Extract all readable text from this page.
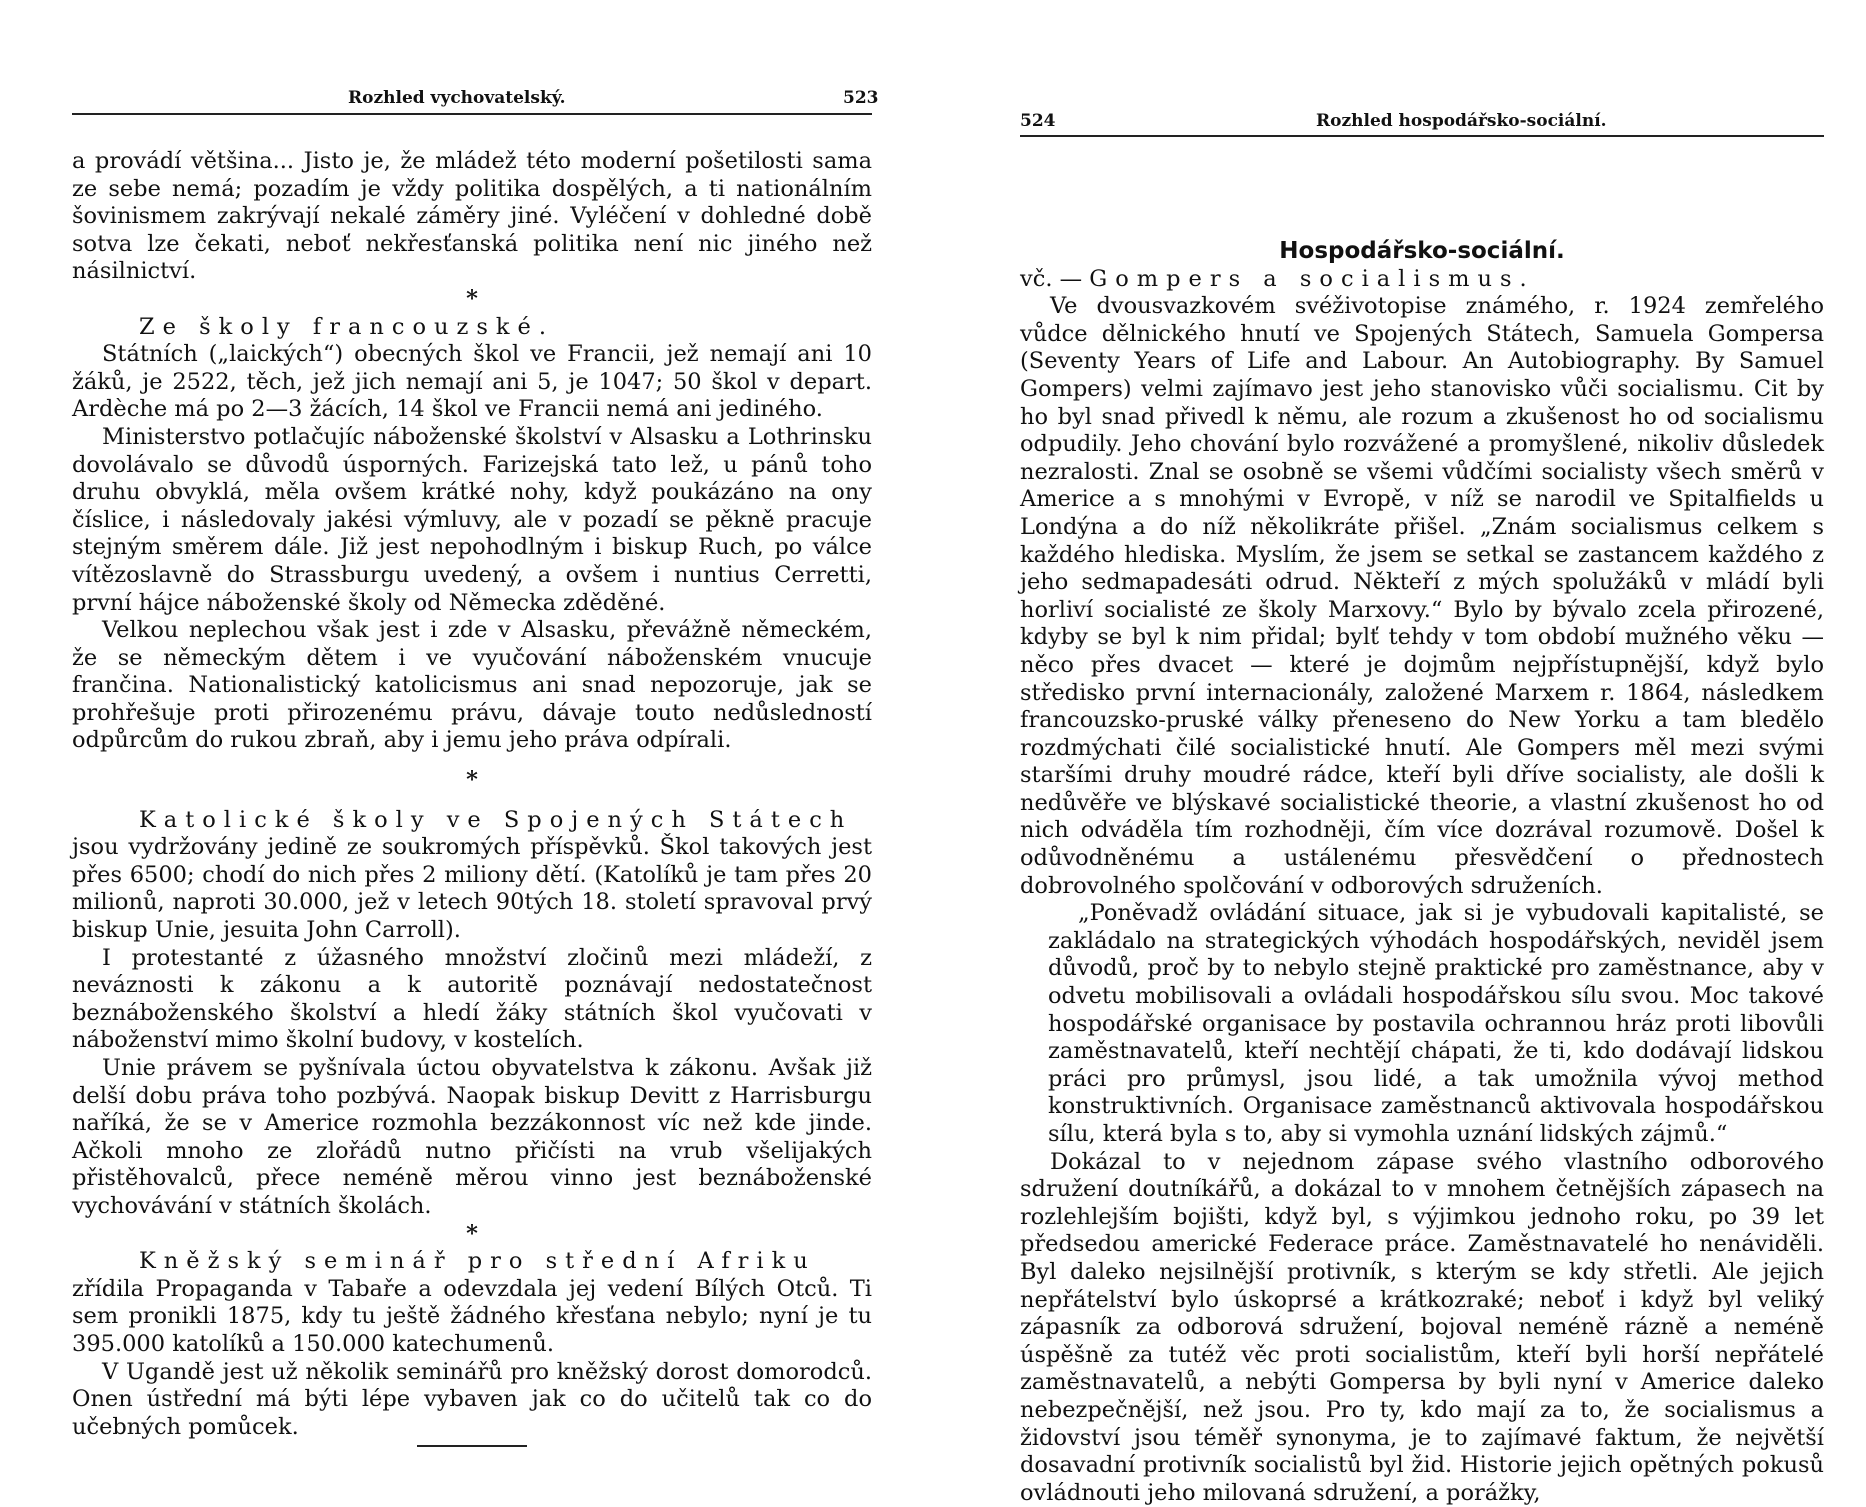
Rozhled vychovatelský.	523

a provádí většina... Jisto je, že mládež této moderní pošetilosti sama ze sebe nemá; pozadím je vždy politika dospělých, a ti nationálním šovinismem zakrývají nekalé záměry jiné. Vyléčení v dohledné době sotva lze čekati, neboť nekřesťanská politika není nic jiného než násilnictví.

*

Ze školy francouzské.

Státních („laických“) obecných škol ve Francii, jež nemají ani 10 žáků, je 2522, těch, jež jich nemají ani 5, je 1047; 50 škol v depart. Ardèche má po 2—3 žácích, 14 škol ve Francii nemá ani jediného.

Ministerstvo potlačujíc náboženské školství v Alsasku a Lothrinsku dovolávalo se důvodů úsporných. Farizejská tato lež, u pánů toho druhu obvyklá, měla ovšem krátké nohy, když poukázáno na ony číslice, i následovaly jakési výmluvy, ale v pozadí se pěkně pracuje stejným směrem dále. Již jest nepohodlným i biskup Ruch, po válce vítězoslavně do Strassburgu uvedený, a ovšem i nuntius Cerretti, první hájce náboženské školy od Německa zděděné.

Velkou neplechou však jest i zde v Alsasku, převážně německém, že se německým dětem i ve vyučování náboženském vnucuje frančina. Nationalistický katolicismus ani snad nepozoruje, jak se prohřešuje proti přirozenému právu, dávaje touto nedůsledností odpůrcům do rukou zbraň, aby i jemu jeho práva odpírali.

*

Katolické školy ve Spojených Státech

jsou vydržovány jedině ze soukromých příspěvků. Škol takových jest přes 6500; chodí do nich přes 2 miliony dětí. (Katolíků je tam přes 20 milionů, naproti 30.000, jež v letech 90tých 18. století spravoval prvý biskup Unie, jesuita John Carroll).

I protestanté z úžasného množství zločinů mezi mládeží, z neváznosti k zákonu a k autoritě poznávají nedostatečnost beznáboženského školství a hledí žáky státních škol vyučovati v náboženství mimo školní budovy, v kostelích.

Unie právem se pyšnívala úctou obyvatelstva k zákonu. Avšak již delší dobu práva toho pozbývá. Naopak biskup Devitt z Harrisburgu naříká, že se v Americe rozmohla bezzákonnost víc než kde jinde. Ačkoli mnoho ze zlořádů nutno přičísti na vrub všelijakých přistěhovalců, přece neméně měrou vinno jest beznáboženské vychovávání v státních školách.

*

Kněžský seminář pro střední Afriku

zřídila Propaganda v Tabaře a odevzdala jej vedení Bílých Otců. Ti sem pronikli 1875, kdy tu ještě žádného křesťana nebylo; nyní je tu 395.000 katolíků a 150.000 katechumenů.

V Ugandě jest už několik seminářů pro kněžský dorost domorodců. Onen ústřední má býti lépe vybaven jak co do učitelů tak co do učebných pomůcek.

524	Rozhled hospodářsko-sociální.

Hospodářsko-sociální.

vč. — Gompers a socialismus.

Ve dvousvazkovém svéživotopise známého, r. 1924 zemřelého vůdce dělnického hnutí ve Spojených Státech, Samuela Gompersa (Seventy Years of Life and Labour. An Autobiography. By Samuel Gompers) velmi zajímavo jest jeho stanovisko vůči socialismu. Cit by ho byl snad přivedl k němu, ale rozum a zkušenost ho od socialismu odpudily. Jeho chování bylo rozvážené a promyšlené, nikoliv důsledek nezralosti. Znal se osobně se všemi vůdčími socialisty všech směrů v Americe a s mnohými v Evropě, v níž se narodil ve Spitalfields u Londýna a do níž několikráte přišel. „Znám socialismus celkem s každého hlediska. Myslím, že jsem se setkal se zastancem každého z jeho sedmapadesáti odrud. Někteří z mých spolužáků v mládí byli horliví socialisté ze školy Marxovy.“ Bylo by bývalo zcela přirozené, kdyby se byl k nim přidal; bylť tehdy v tom období mužného věku — něco přes dvacet — které je dojmům nejpřístupnější, když bylo středisko první internacionály, založené Marxem r. 1864, následkem francouzsko-pruské války přeneseno do New Yorku a tam bledělo rozdmýchati čilé socialistické hnutí. Ale Gompers měl mezi svými staršími druhy moudré rádce, kteří byli dříve socialisty, ale došli k nedůvěře ve blýskavé socialistické theorie, a vlastní zkušenost ho od nich odváděla tím rozhodněji, čím více dozrával rozumově. Došel k odůvodněnému a ustálenému přesvědčení o přednostech dobrovolného spolčování v odborových sdruženích.

„Poněvadž ovládání situace, jak si je vybudovali kapitalisté, se zakládalo na strategických výhodách hospodářských, neviděl jsem důvodů, proč by to nebylo stejně praktické pro zaměstnance, aby v odvetu mobilisovali a ovládali hospodářskou sílu svou. Moc takové hospodářské organisace by postavila ochrannou hráz proti libovůli zaměstnavatelů, kteří nechtějí chápati, že ti, kdo dodávají lidskou práci pro průmysl, jsou lidé, a tak umožnila vývoj method konstruktivních. Organisace zaměstnanců aktivovala hospodářskou sílu, která byla s to, aby si vymohla uznání lidských zájmů.“

Dokázal to v nejednom zápase svého vlastního odborového sdružení doutníkářů, a dokázal to v mnohem četnějších zápasech na rozlehlejším bojišti, když byl, s výjimkou jednoho roku, po 39 let předsedou americké Federace práce. Zaměstnavatelé ho nenáviděli. Byl daleko nejsilnější protivník, s kterým se kdy střetli. Ale jejich nepřátelství bylo úskoprsé a krátkozraké; neboť i když byl veliký zápasník za odborová sdružení, bojoval neméně rázně a neméně úspěšně za tutéž věc proti socialistům, kteří byli horší nepřátelé zaměstnavatelů, a nebýti Gompersa by byli nyní v Americe daleko nebezpečnější, než jsou. Pro ty, kdo mají za to, že socialismus a židovství jsou téměř synonyma, je to zajímavé faktum, že největší dosavadní protivník socialistů byl žid. Historie jejich opětných pokusů ovládnouti jeho milovaná sdružení, a porážky,
